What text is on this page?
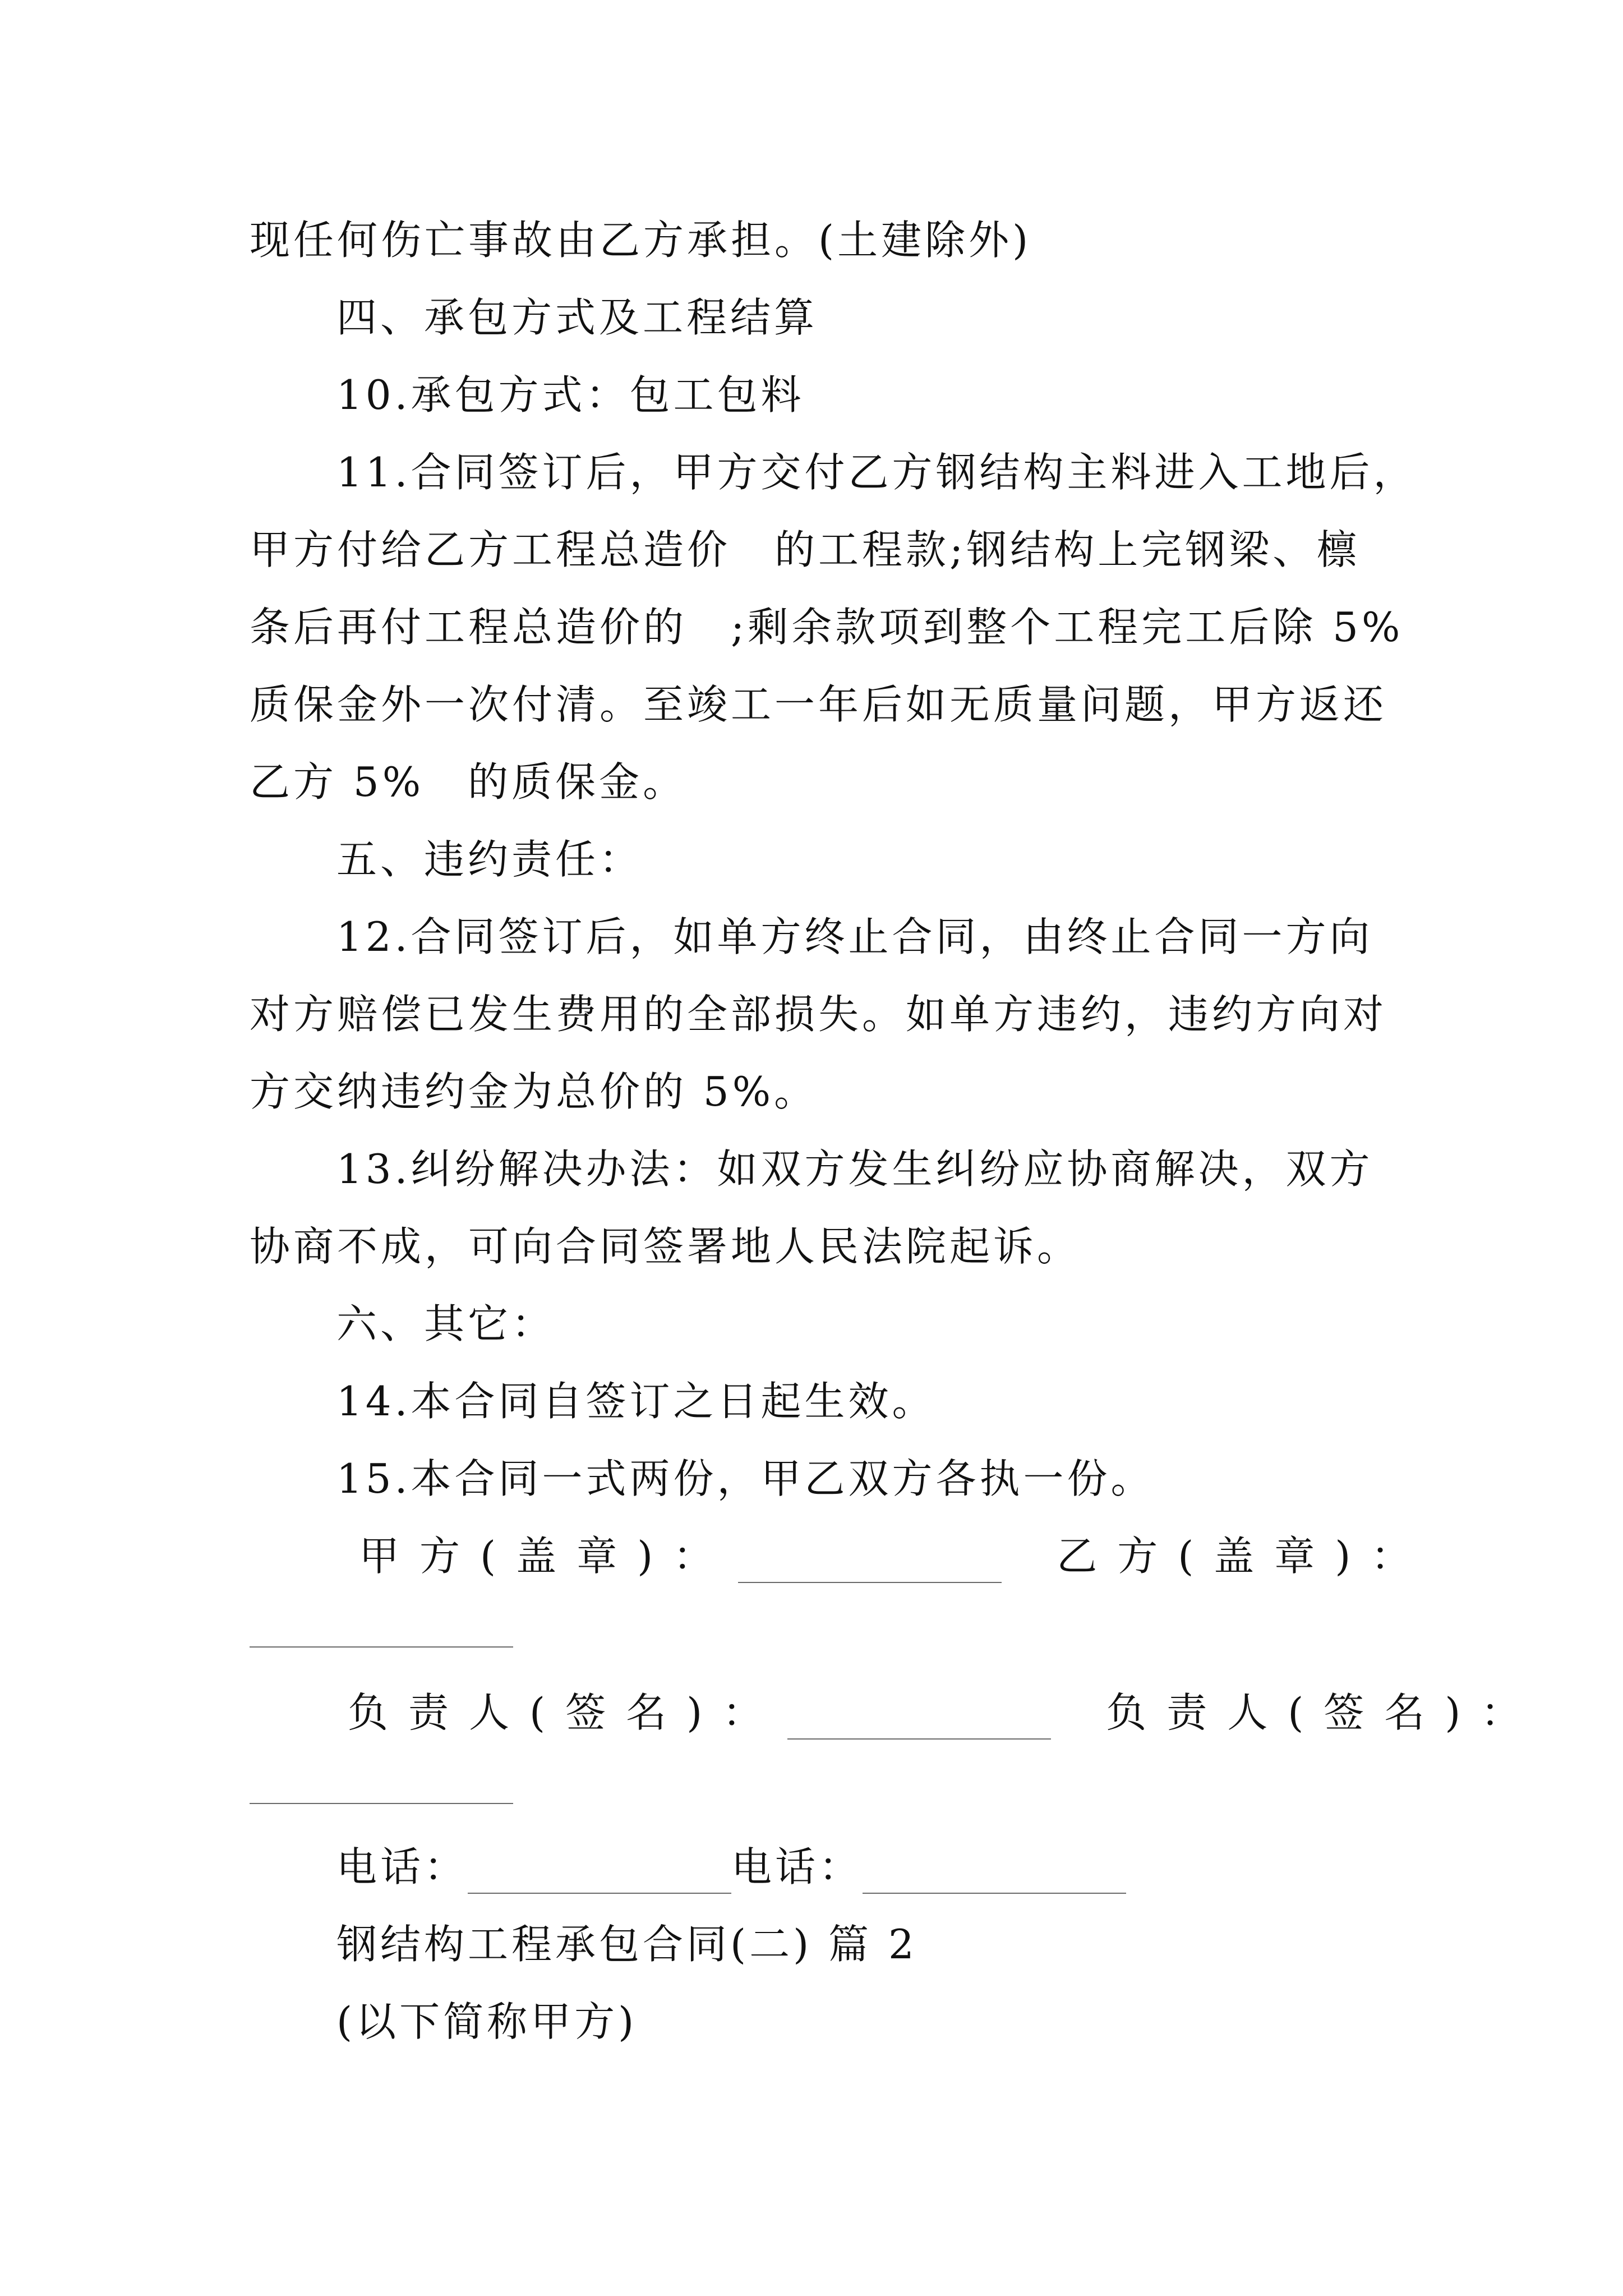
现任何伤亡事故由乙方承担。(土建除外)
四、承包方式及工程结算
10.承包方式：包工包料
11.合同签订后，甲方交付乙方钢结构主料进入工地后，
甲方付给乙方工程总造价　的工程款;钢结构上完钢梁、檩
条后再付工程总造价的　;剩余款项到整个工程完工后除 5%
质保金外一次付清。至竣工一年后如无质量问题，甲方返还
乙方 5%　的质保金。
五、违约责任：
12.合同签订后，如单方终止合同，由终止合同一方向
对方赔偿已发生费用的全部损失。如单方违约，违约方向对
方交纳违约金为总价的 5%。
13.纠纷解决办法：如双方发生纠纷应协商解决，双方
协商不成，可向合同签署地人民法院起诉。
六、其它：
14.本合同自签订之日起生效。
15.本合同一式两份，甲乙双方各执一份。
甲方(盖章)：	乙方(盖章)：
负责人(签名)：	负责人(签名)：
电话：	电话：
钢结构工程承包合同(二) 篇 2
(以下简称甲方)
